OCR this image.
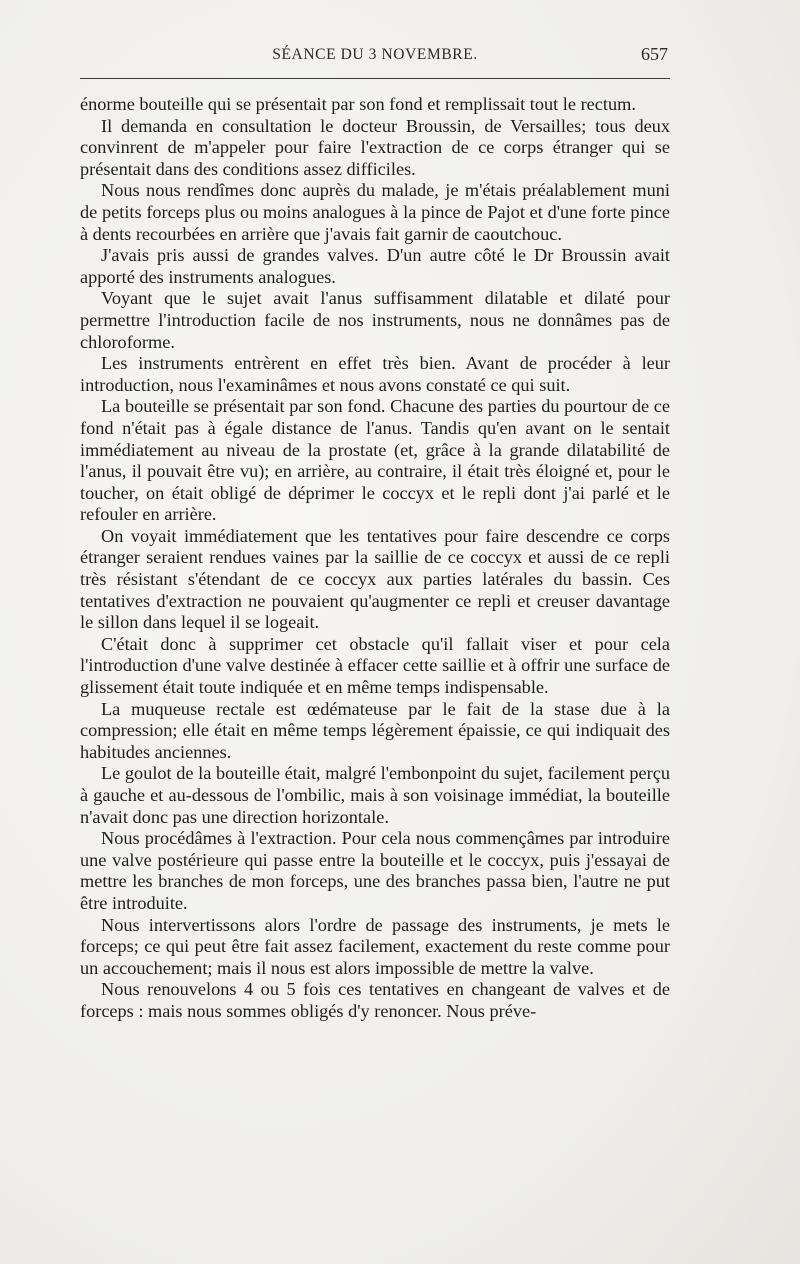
SÉANCE DU 3 NOVEMBRE.	657

énorme bouteille qui se présentait par son fond et remplissait tout le rectum.

Il demanda en consultation le docteur Broussin, de Versailles; tous deux convinrent de m'appeler pour faire l'extraction de ce corps étranger qui se présentait dans des conditions assez difficiles.

Nous nous rendîmes donc auprès du malade, je m'étais préalablement muni de petits forceps plus ou moins analogues à la pince de Pajot et d'une forte pince à dents recourbées en arrière que j'avais fait garnir de caoutchouc.

J'avais pris aussi de grandes valves. D'un autre côté le Dr Broussin avait apporté des instruments analogues.

Voyant que le sujet avait l'anus suffisamment dilatable et dilaté pour permettre l'introduction facile de nos instruments, nous ne donnâmes pas de chloroforme.

Les instruments entrèrent en effet très bien. Avant de procéder à leur introduction, nous l'examinâmes et nous avons constaté ce qui suit.

La bouteille se présentait par son fond. Chacune des parties du pourtour de ce fond n'était pas à égale distance de l'anus. Tandis qu'en avant on le sentait immédiatement au niveau de la prostate (et, grâce à la grande dilatabilité de l'anus, il pouvait être vu); en arrière, au contraire, il était très éloigné et, pour le toucher, on était obligé de déprimer le coccyx et le repli dont j'ai parlé et le refouler en arrière.

On voyait immédiatement que les tentatives pour faire descendre ce corps étranger seraient rendues vaines par la saillie de ce coccyx et aussi de ce repli très résistant s'étendant de ce coccyx aux parties latérales du bassin. Ces tentatives d'extraction ne pouvaient qu'augmenter ce repli et creuser davantage le sillon dans lequel il se logeait.

C'était donc à supprimer cet obstacle qu'il fallait viser et pour cela l'introduction d'une valve destinée à effacer cette saillie et à offrir une surface de glissement était toute indiquée et en même temps indispensable.

La muqueuse rectale est œdémateuse par le fait de la stase due à la compression; elle était en même temps légèrement épaissie, ce qui indiquait des habitudes anciennes.

Le goulot de la bouteille était, malgré l'embonpoint du sujet, facilement perçu à gauche et au-dessous de l'ombilic, mais à son voisinage immédiat, la bouteille n'avait donc pas une direction horizontale.

Nous procédâmes à l'extraction. Pour cela nous commençâmes par introduire une valve postérieure qui passe entre la bouteille et le coccyx, puis j'essayai de mettre les branches de mon forceps, une des branches passa bien, l'autre ne put être introduite.

Nous intervertissons alors l'ordre de passage des instruments, je mets le forceps; ce qui peut être fait assez facilement, exactement du reste comme pour un accouchement; mais il nous est alors impossible de mettre la valve.

Nous renouvelons 4 ou 5 fois ces tentatives en changeant de valves et de forceps : mais nous sommes obligés d'y renoncer. Nous préve-
